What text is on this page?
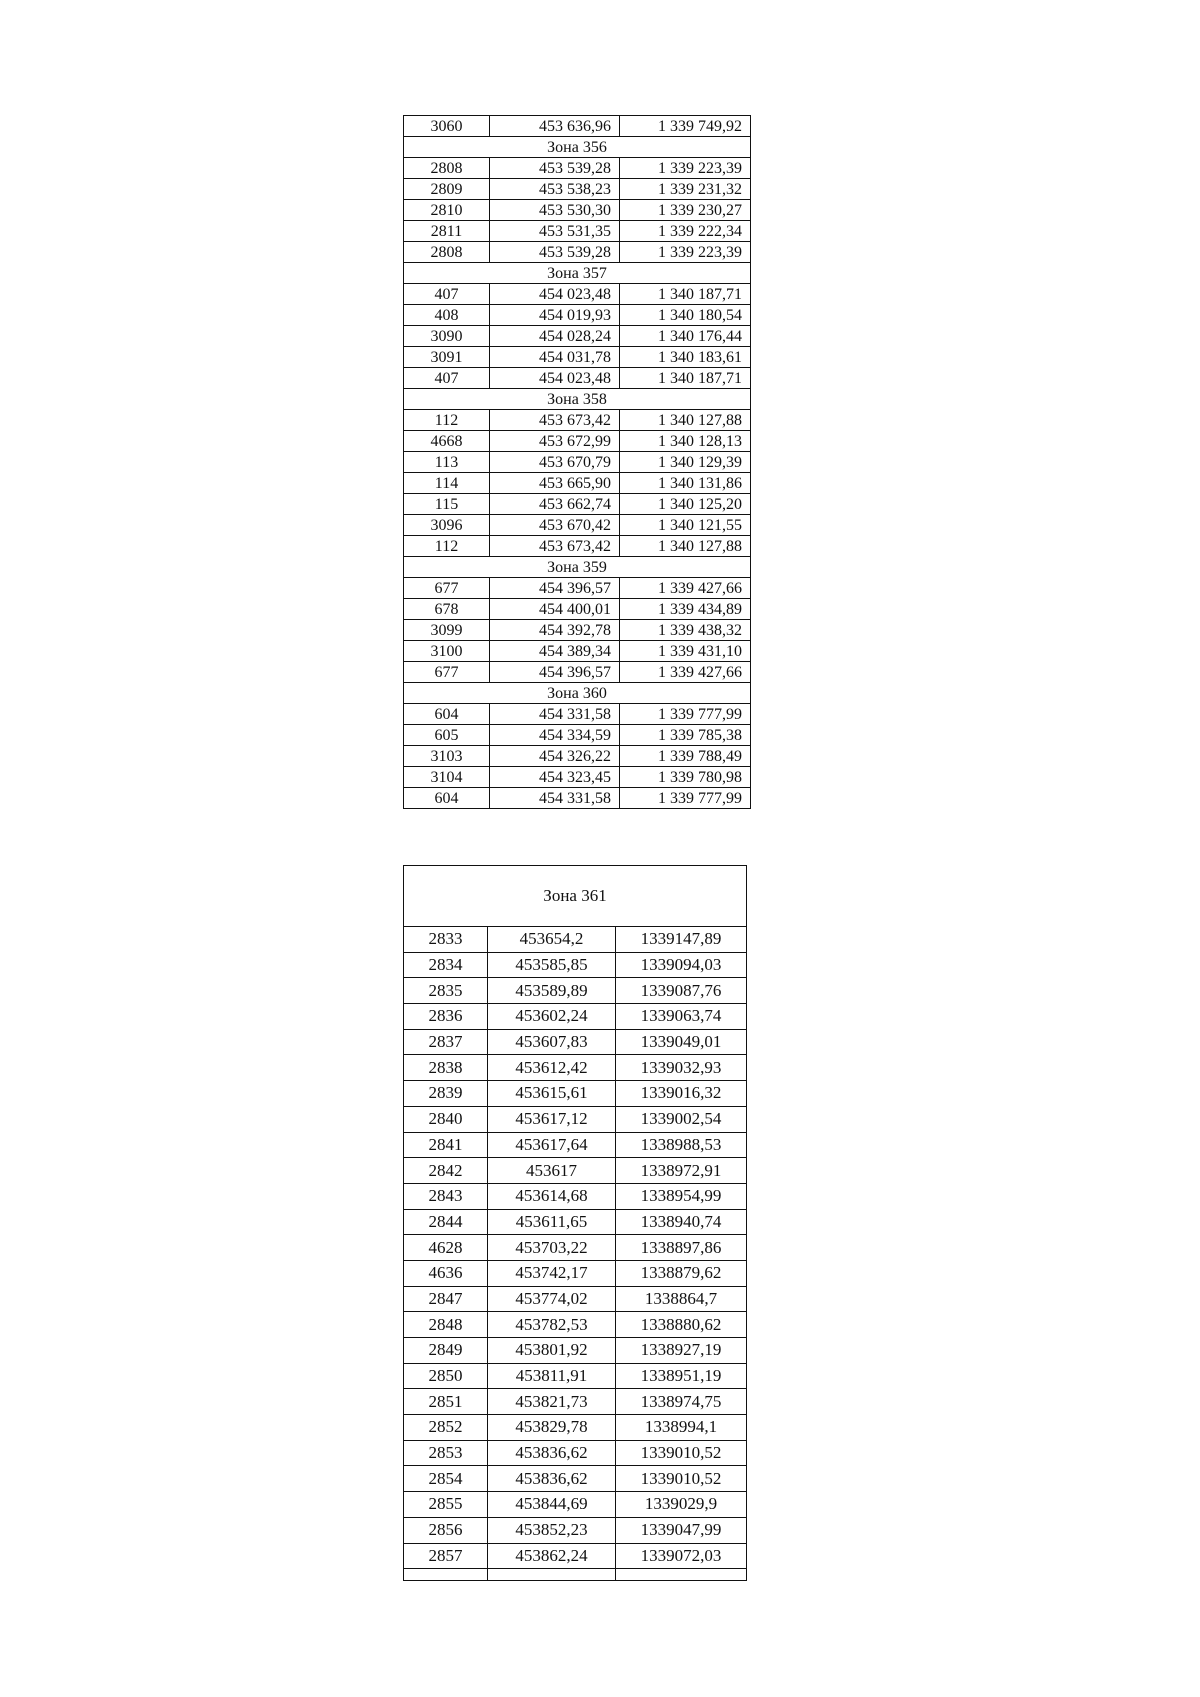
3060	453 636,96	1 339 749,92
Зона 356		
2808	453 539,28	1 339 223,39
2809	453 538,23	1 339 231,32
2810	453 530,30	1 339 230,27
2811	453 531,35	1 339 222,34
2808	453 539,28	1 339 223,39
Зона 357		
407	454 023,48	1 340 187,71
408	454 019,93	1 340 180,54
3090	454 028,24	1 340 176,44
3091	454 031,78	1 340 183,61
407	454 023,48	1 340 187,71
Зона 358		
112	453 673,42	1 340 127,88
4668	453 672,99	1 340 128,13
113	453 670,79	1 340 129,39
114	453 665,90	1 340 131,86
115	453 662,74	1 340 125,20
3096	453 670,42	1 340 121,55
112	453 673,42	1 340 127,88
Зона 359		
677	454 396,57	1 339 427,66
678	454 400,01	1 339 434,89
3099	454 392,78	1 339 438,32
3100	454 389,34	1 339 431,10
677	454 396,57	1 339 427,66
Зона 360		
604	454 331,58	1 339 777,99
605	454 334,59	1 339 785,38
3103	454 326,22	1 339 788,49
3104	454 323,45	1 339 780,98
604	454 331,58	1 339 777,99
Зона 361		
2833	453654,2	1339147,89
2834	453585,85	1339094,03
2835	453589,89	1339087,76
2836	453602,24	1339063,74
2837	453607,83	1339049,01
2838	453612,42	1339032,93
2839	453615,61	1339016,32
2840	453617,12	1339002,54
2841	453617,64	1338988,53
2842	453617	1338972,91
2843	453614,68	1338954,99
2844	453611,65	1338940,74
4628	453703,22	1338897,86
4636	453742,17	1338879,62
2847	453774,02	1338864,7
2848	453782,53	1338880,62
2849	453801,92	1338927,19
2850	453811,91	1338951,19
2851	453821,73	1338974,75
2852	453829,78	1338994,1
2853	453836,62	1339010,52
2854	453836,62	1339010,52
2855	453844,69	1339029,9
2856	453852,23	1339047,99
2857	453862,24	1339072,03
